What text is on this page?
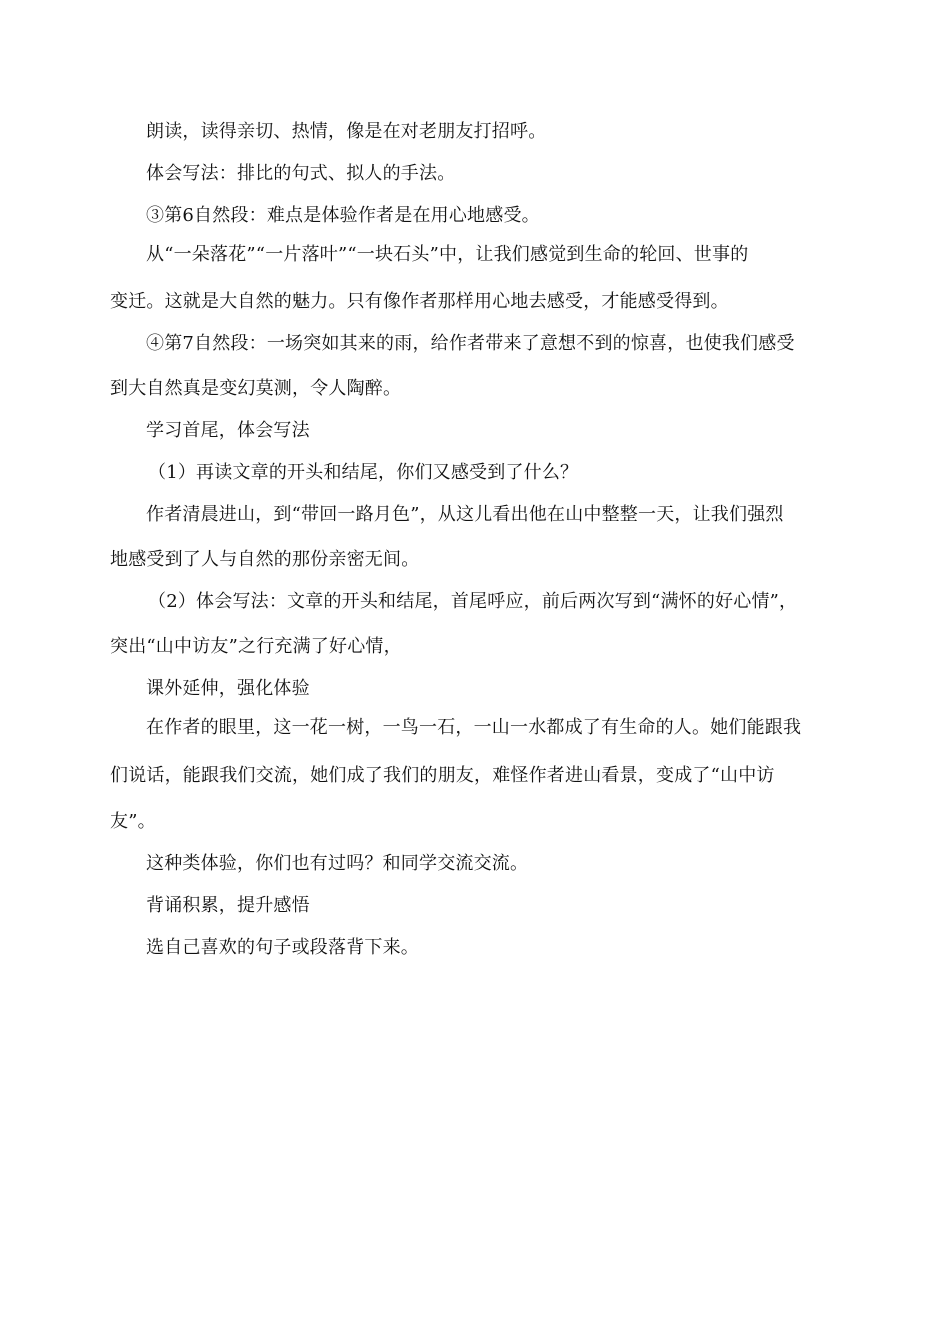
朗读，读得亲切、热情，像是在对老朋友打招呼。
体会写法：排比的句式、拟人的手法。
③第6自然段：难点是体验作者是在用心地感受。
从“一朵落花”“一片落叶”“一块石头”中，让我们感觉到生命的轮回、世事的
变迁。这就是大自然的魅力。只有像作者那样用心地去感受，才能感受得到。
④第7自然段：一场突如其来的雨，给作者带来了意想不到的惊喜，也使我们感受
到大自然真是变幻莫测，令人陶醉。
学习首尾，体会写法
（1）再读文章的开头和结尾，你们又感受到了什么？
作者清晨进山，到“带回一路月色”，从这儿看出他在山中整整一天，让我们强烈
地感受到了人与自然的那份亲密无间。
（2）体会写法：文章的开头和结尾，首尾呼应，前后两次写到“满怀的好心情”，
突出“山中访友”之行充满了好心情，
课外延伸，强化体验
在作者的眼里，这一花一树，一鸟一石，一山一水都成了有生命的人。她们能跟我
们说话，能跟我们交流，她们成了我们的朋友，难怪作者进山看景，变成了“山中访
友”。
这种类体验，你们也有过吗？和同学交流交流。
背诵积累，提升感悟
选自己喜欢的句子或段落背下来。
